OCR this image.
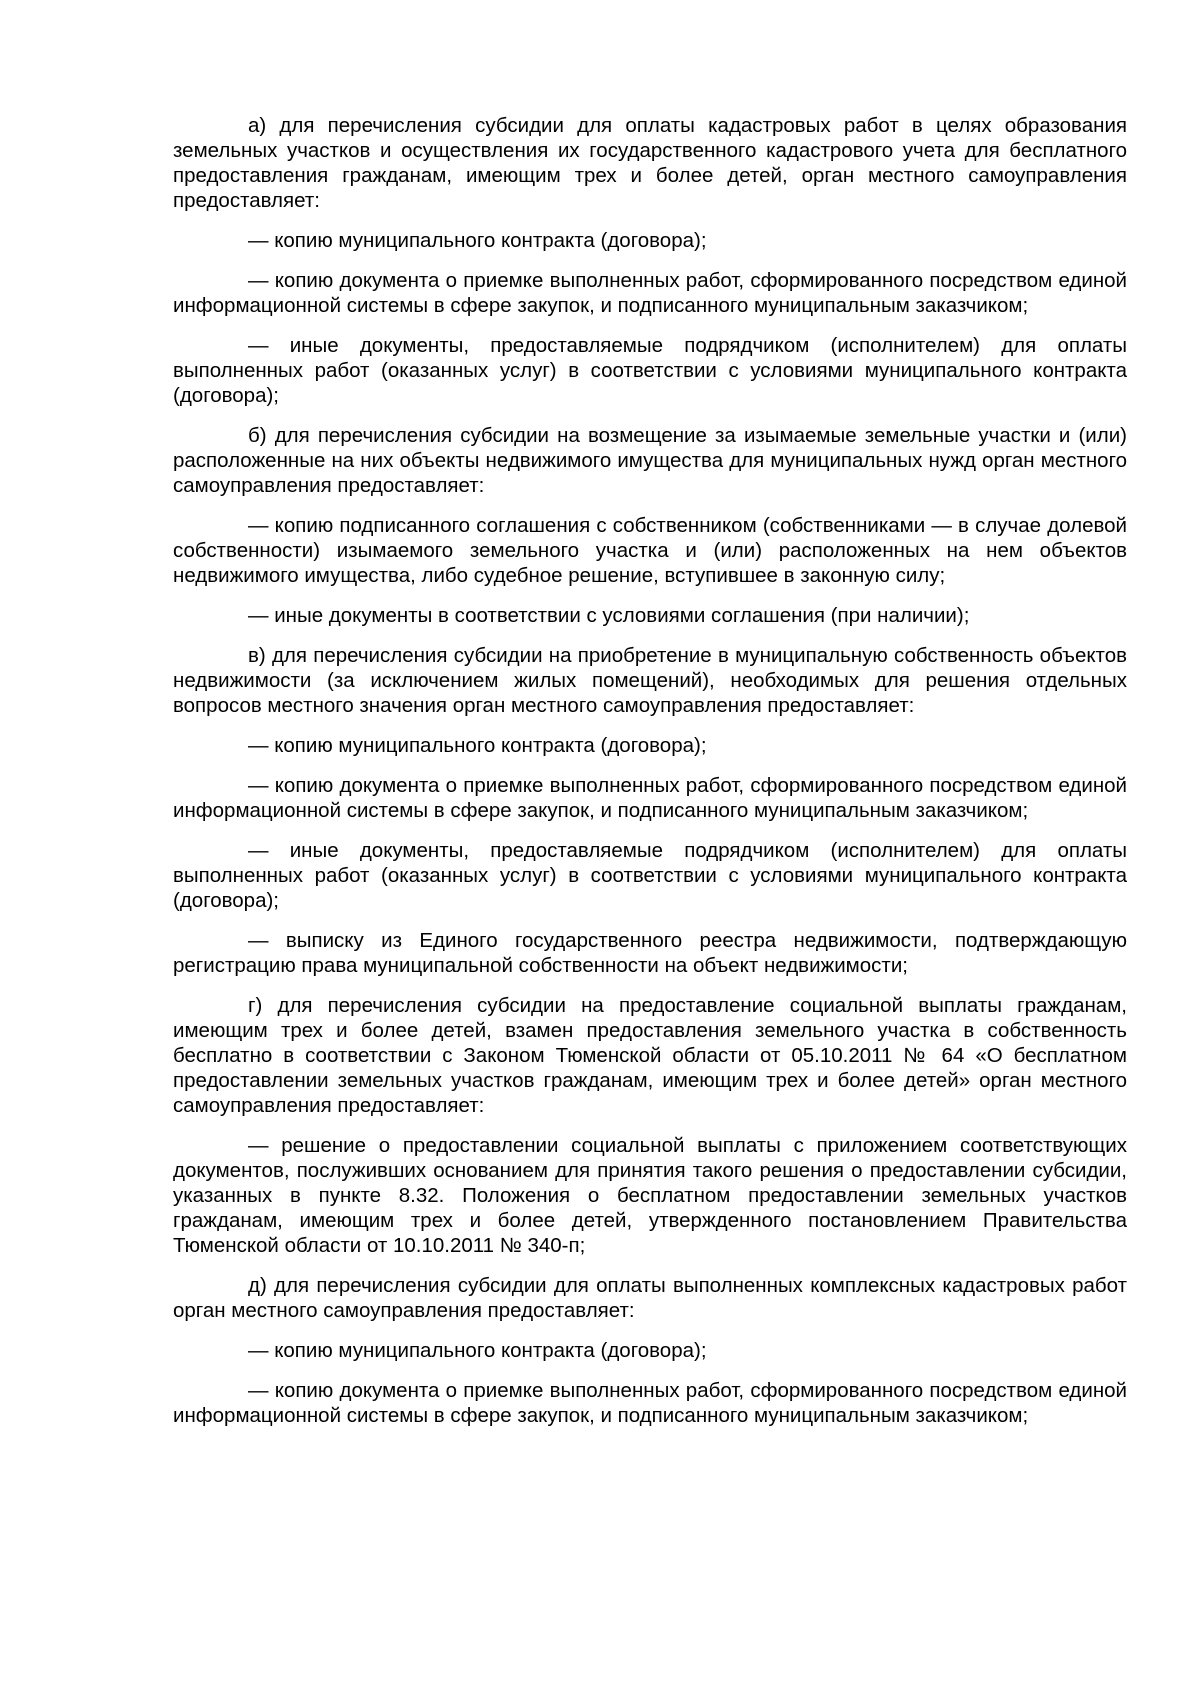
а) для перечисления субсидии для оплаты кадастровых работ в целях образования земельных участков и осуществления их государственного кадастрового учета для бесплатного предоставления гражданам, имеющим трех и более детей, орган местного самоуправления предоставляет:

— копию муниципального контракта (договора);

— копию документа о приемке выполненных работ, сформированного посредством единой информационной системы в сфере закупок, и подписанного муниципальным заказчиком;

— иные документы, предоставляемые подрядчиком (исполнителем) для оплаты выполненных работ (оказанных услуг) в соответствии с условиями муниципального контракта (договора);

б) для перечисления субсидии на возмещение за изымаемые земельные участки и (или) расположенные на них объекты недвижимого имущества для муниципальных нужд орган местного самоуправления предоставляет:

— копию подписанного соглашения с собственником (собственниками — в случае долевой собственности) изымаемого земельного участка и (или) расположенных на нем объектов недвижимого имущества, либо судебное решение, вступившее в законную силу;

— иные документы в соответствии с условиями соглашения (при наличии);

в) для перечисления субсидии на приобретение в муниципальную собственность объектов недвижимости (за исключением жилых помещений), необходимых для решения отдельных вопросов местного значения орган местного самоуправления предоставляет:

— копию муниципального контракта (договора);

— копию документа о приемке выполненных работ, сформированного посредством единой информационной системы в сфере закупок, и подписанного муниципальным заказчиком;

— иные документы, предоставляемые подрядчиком (исполнителем) для оплаты выполненных работ (оказанных услуг) в соответствии с условиями муниципального контракта (договора);

— выписку из Единого государственного реестра недвижимости, подтверждающую регистрацию права муниципальной собственности на объект недвижимости;

г) для перечисления субсидии на предоставление социальной выплаты гражданам, имеющим трех и более детей, взамен предоставления земельного участка в собственность бесплатно в соответствии с Законом Тюменской области от 05.10.2011 № 64 «О бесплатном предоставлении земельных участков гражданам, имеющим трех и более детей» орган местного самоуправления предоставляет:

— решение о предоставлении социальной выплаты с приложением соответствующих документов, послуживших основанием для принятия такого решения о предоставлении субсидии, указанных в пункте 8.32. Положения о бесплатном предоставлении земельных участков гражданам, имеющим трех и более детей, утвержденного постановлением Правительства Тюменской области от 10.10.2011 № 340-п;

д) для перечисления субсидии для оплаты выполненных комплексных кадастровых работ орган местного самоуправления предоставляет:

— копию муниципального контракта (договора);

— копию документа о приемке выполненных работ, сформированного посредством единой информационной системы в сфере закупок, и подписанного муниципальным заказчиком;
